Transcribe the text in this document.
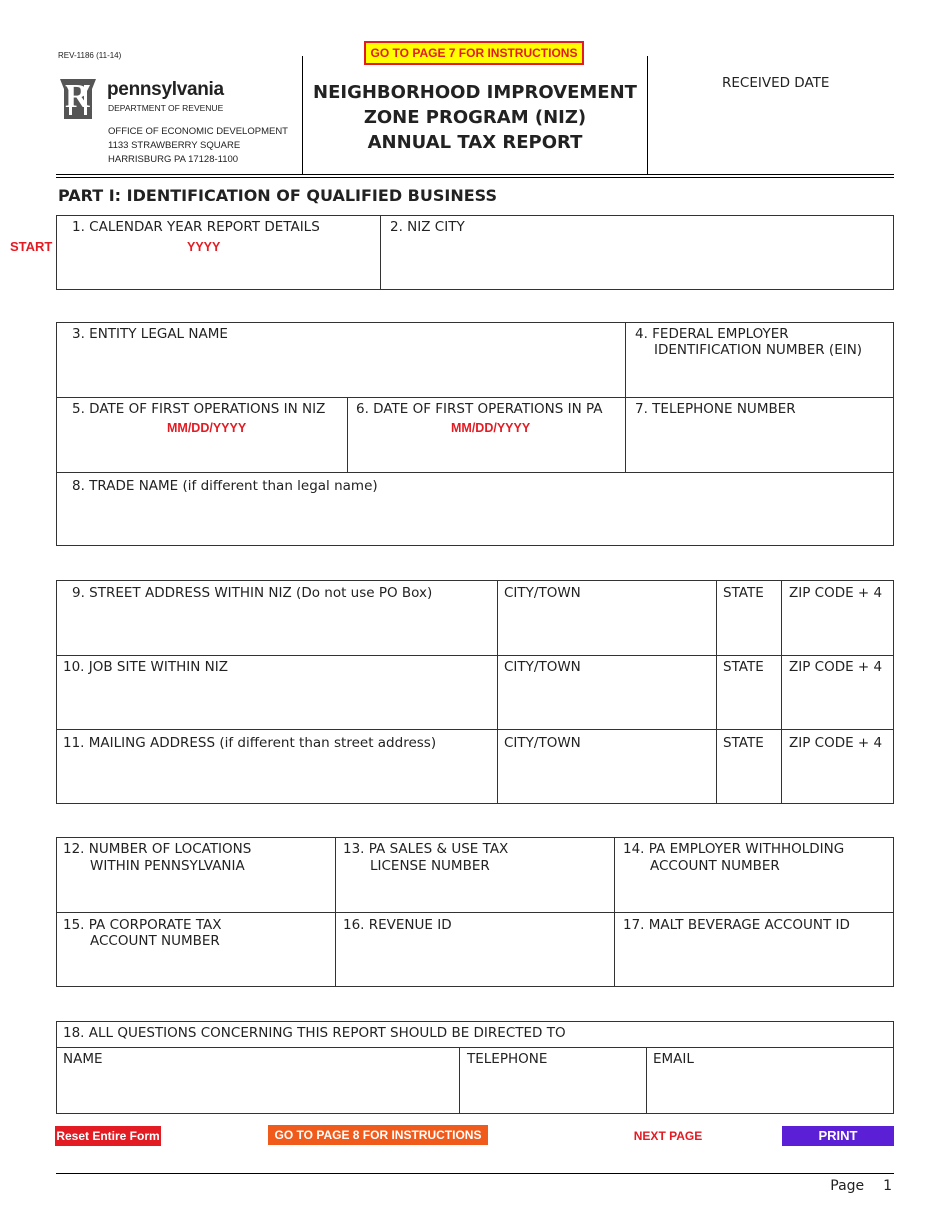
REV-1186 (11-14)
R pennsylvania
DEPARTMENT OF REVENUE
OFFICE OF ECONOMIC DEVELOPMENT
1133 STRAWBERRY SQUARE
HARRISBURG PA 17128-1100
GO TO PAGE 7 FOR INSTRUCTIONS
NEIGHBORHOOD IMPROVEMENT
ZONE PROGRAM (NIZ)
ANNUAL TAX REPORT
RECEIVED DATE
PART I: IDENTIFICATION OF QUALIFIED BUSINESS
START
1. CALENDAR YEAR REPORT DETAILS
YYYY
2. NIZ CITY
3. ENTITY LEGAL NAME	4. FEDERAL EMPLOYER
IDENTIFICATION NUMBER (EIN)
5. DATE OF FIRST OPERATIONS IN NIZ
MM/DD/YYYY
6. DATE OF FIRST OPERATIONS IN PA
MM/DD/YYYY
7. TELEPHONE NUMBER
8. TRADE NAME (if different than legal name)
9. STREET ADDRESS WITHIN NIZ (Do not use PO Box)	CITY/TOWN	STATE ZIP CODE + 4
10. JOB SITE WITHIN NIZ	CITY/TOWN	STATE ZIP CODE + 4
11. MAILING ADDRESS (if different than street address)	CITY/TOWN	STATE ZIP CODE + 4
12. NUMBER OF LOCATIONS
WITHIN PENNSYLVANIA
13. PA SALES & USE TAX
LICENSE NUMBER
14. PA EMPLOYER WITHHOLDING
ACCOUNT NUMBER
15. PA CORPORATE TAX
ACCOUNT NUMBER
16. REVENUE ID	17. MALT BEVERAGE ACCOUNT ID
18. ALL QUESTIONS CONCERNING THIS REPORT SHOULD BE DIRECTED TO
NAME	TELEPHONE	EMAIL
Reset Entire Form	GO TO PAGE 8 FOR INSTRUCTIONS	NEXT PAGE	PRINT
Page 1
